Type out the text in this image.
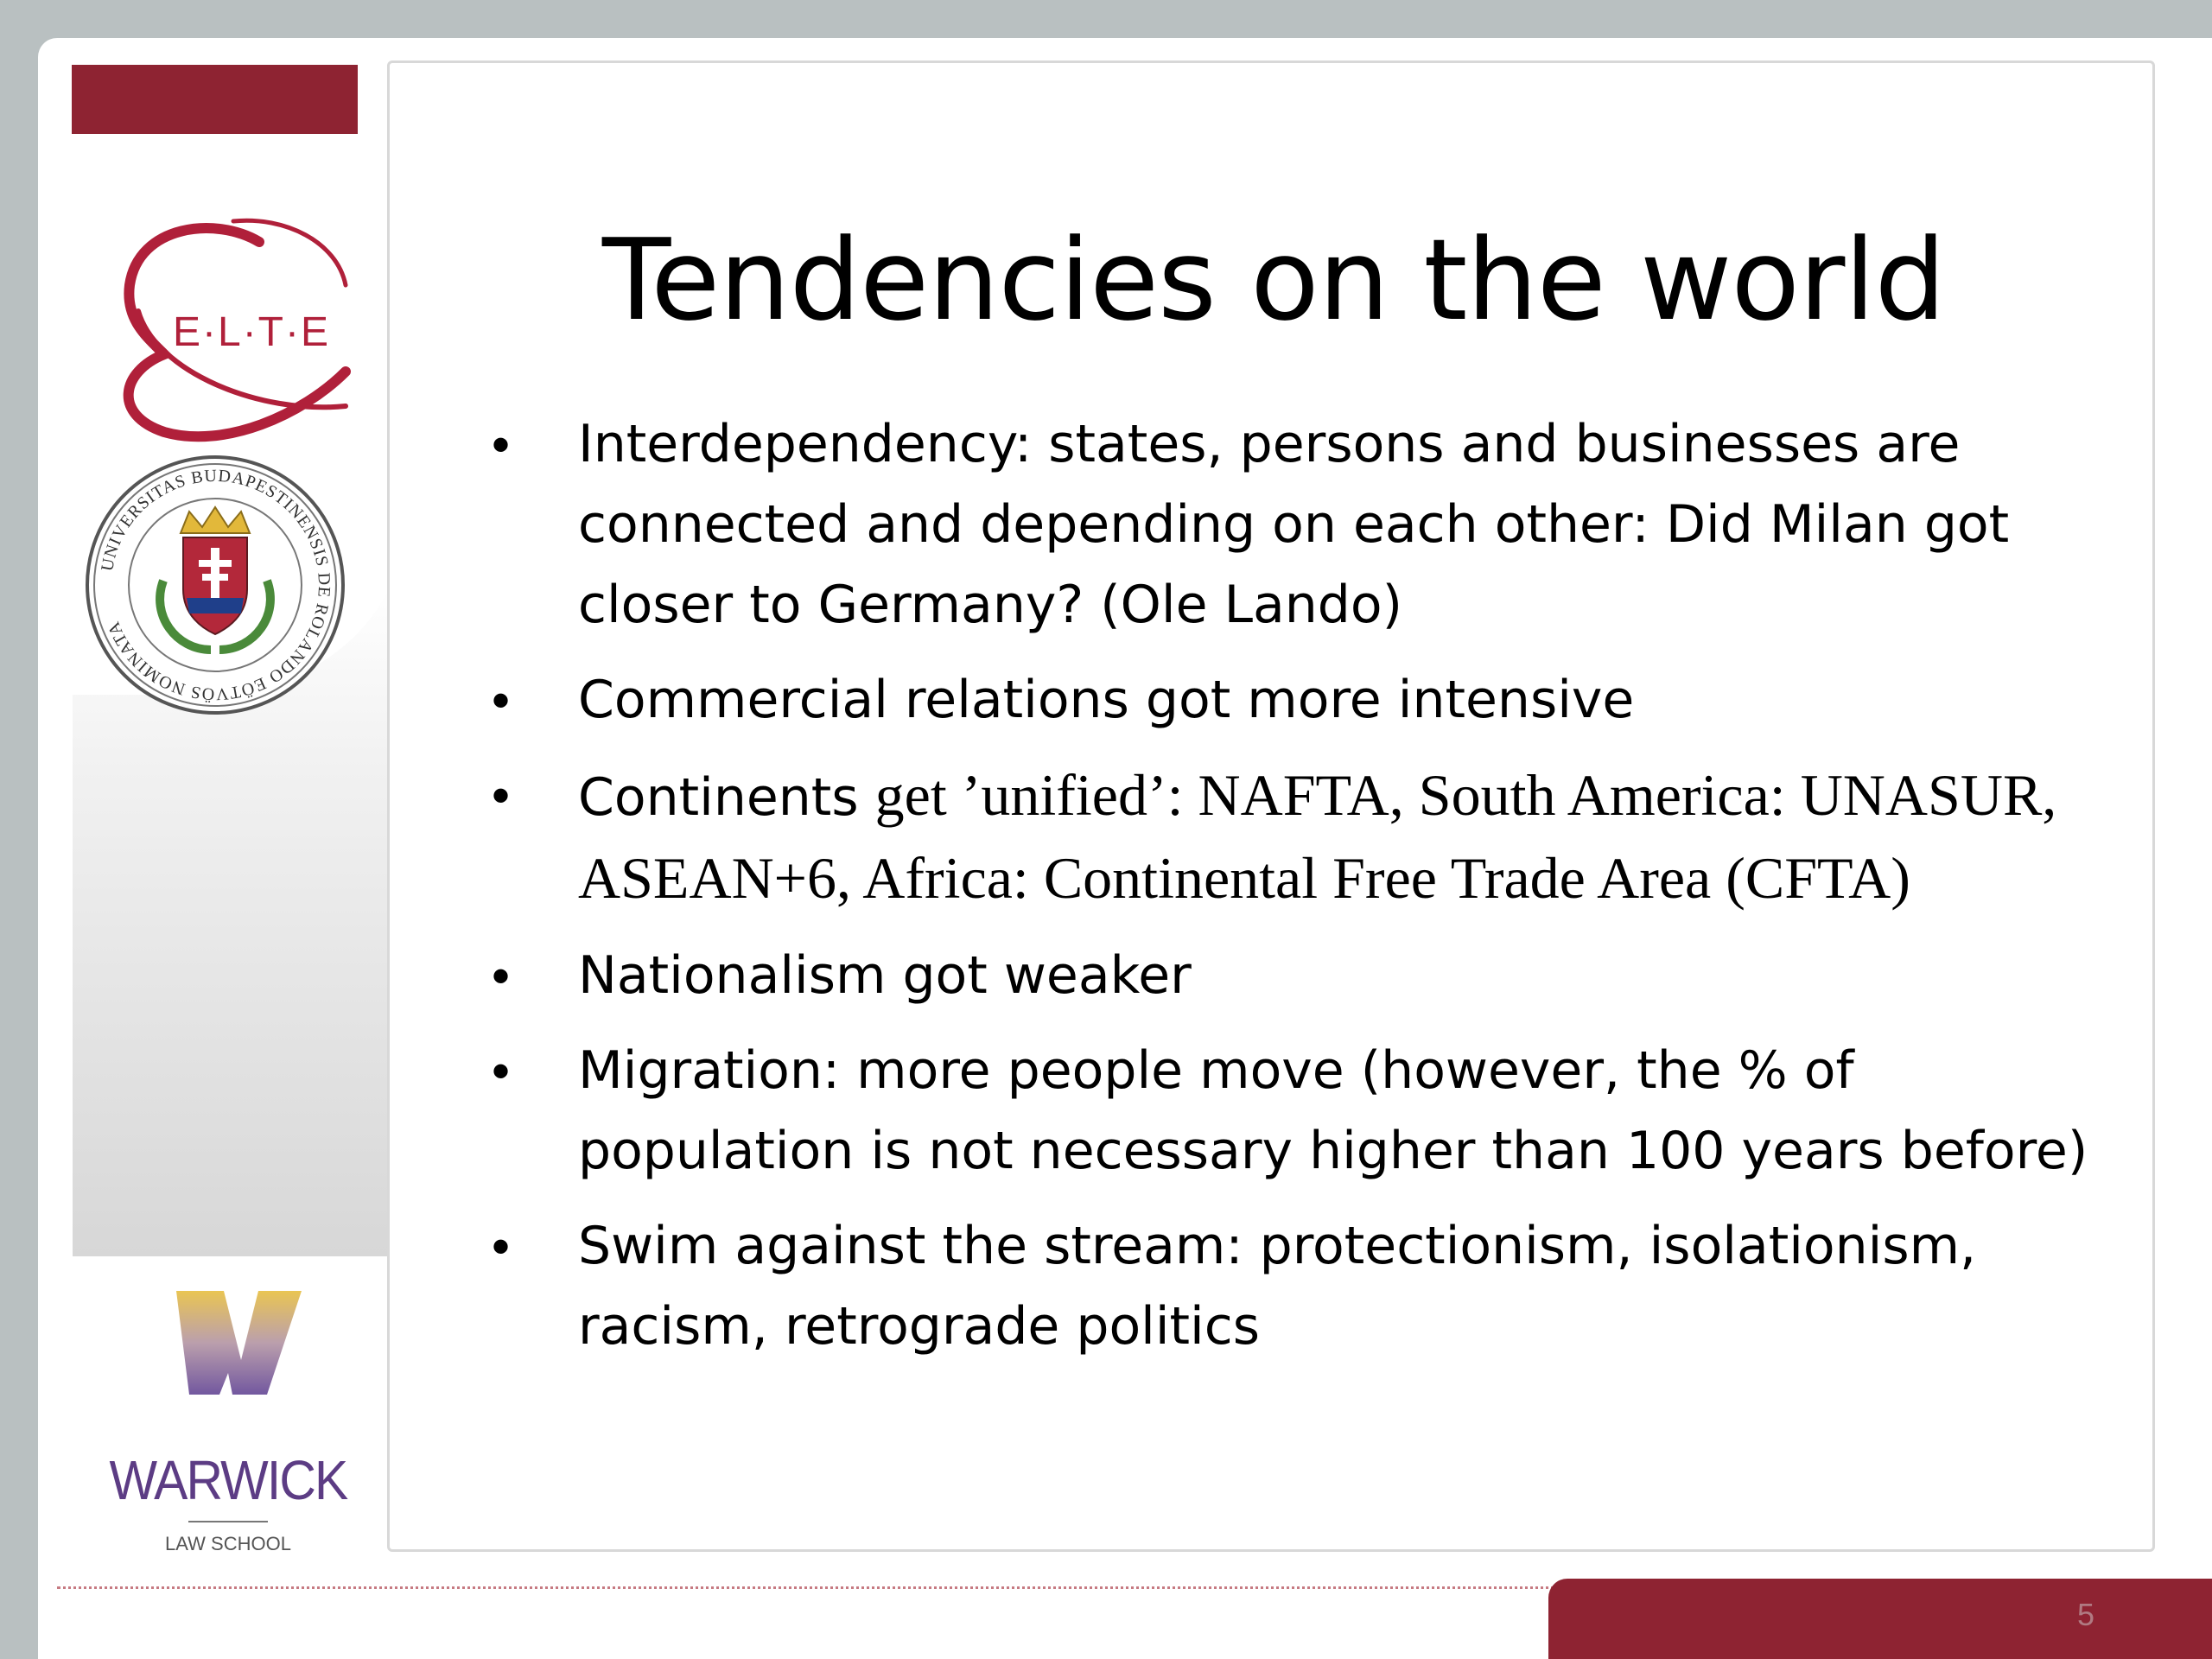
E·L·T·E
UNIVERSITAS BUDAPESTINENSIS DE ROLANDO EÖTVÖS NOMINATA
WARWICK
LAW SCHOOL
Tendencies on the world
•	Interdependency: states, persons and businesses are connected and depending on each other: Did Milan got closer to Germany? (Ole Lando)
•	Commercial relations got more intensive
•	Continents get ’unified’: NAFTA, South America: UNASUR, ASEAN+6, Africa: Continental Free Trade Area (CFTA)
•	Nationalism got weaker
•	Migration: more people move (however, the % of population is not necessary higher than 100 years before)
•	Swim against the stream: protectionism, isolationism, racism, retrograde politics
5
